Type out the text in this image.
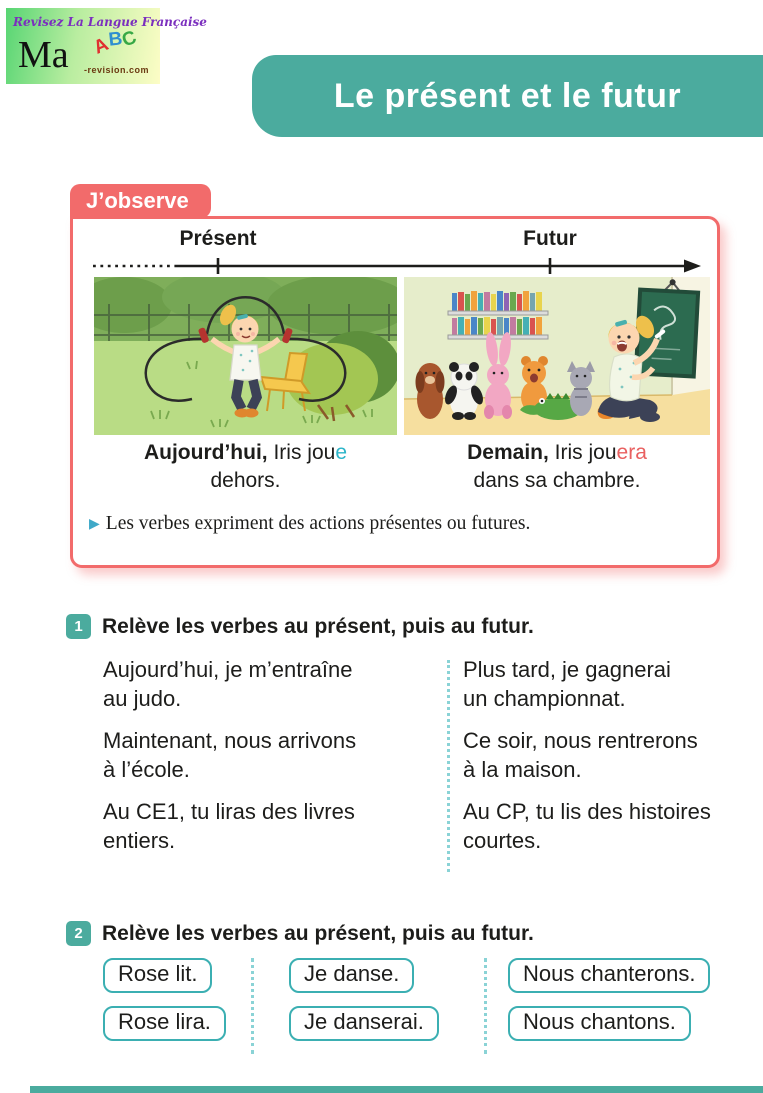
Revisez La Langue Française
Ma -revision.com
ABC
Le présent et le futur
J’observe
Présent	Futur
Aujourd’hui, Iris joue
dehors.
Demain, Iris jouera
dans sa chambre.
▶ Les verbes expriment des actions présentes ou futures.
1 Relève les verbes au présent, puis au futur.
Aujourd’hui, je m’entraîne
au judo.
Maintenant, nous arrivons
à l’école.
Au CE1, tu liras des livres
entiers.
Plus tard, je gagnerai
un championnat.
Ce soir, nous rentrerons
à la maison.
Au CP, tu lis des histoires
courtes.
2 Relève les verbes au présent, puis au futur.
Rose lit.
Rose lira.
Je danse.
Je danserai.
Nous chanterons.
Nous chantons.
